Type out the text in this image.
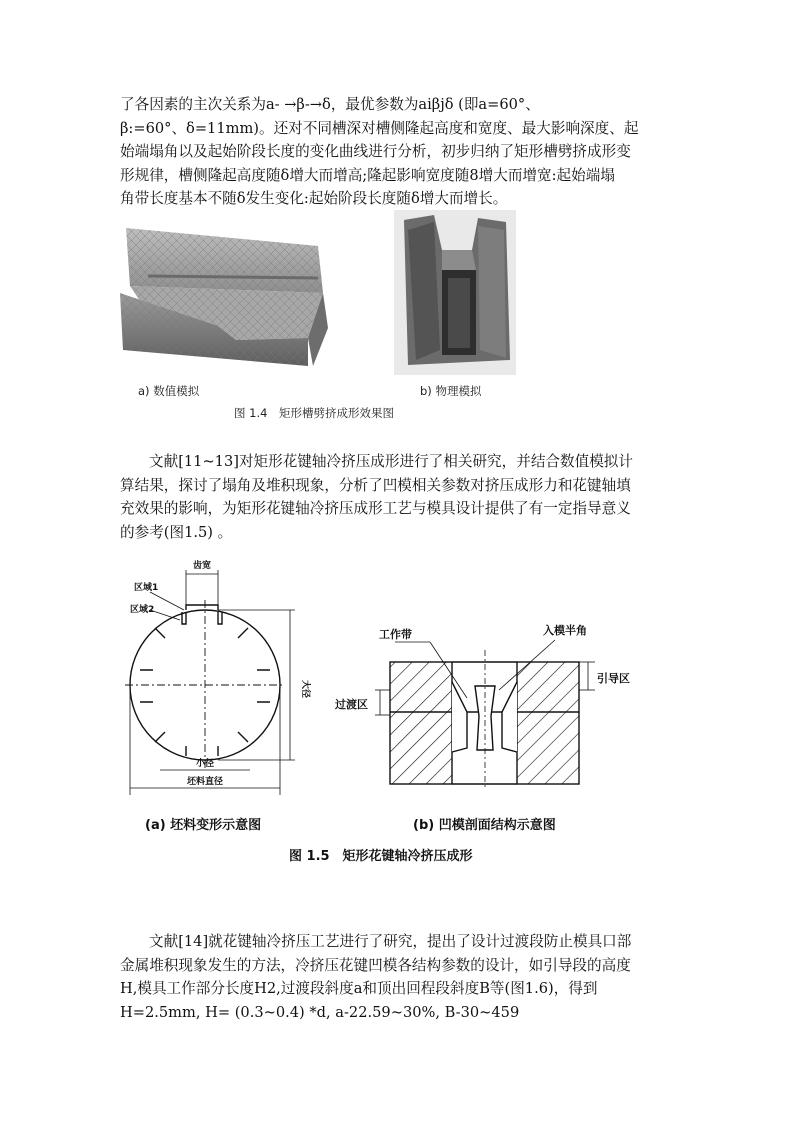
了各因素的主次关系为a- →β-→δ，最优参数为aiβjδ (即a=60°、
β:=60°、δ=11mm)。还对不同槽深对槽侧隆起高度和宽度、最大影响深度、起
始端塌角以及起始阶段长度的变化曲线进行分析，初步归纳了矩形槽劈挤成形变
形规律，槽侧隆起高度随δ增大而增高;隆起影响宽度随8增大而增宽:起始端塌
角带长度基本不随δ发生变化:起始阶段长度随δ增大而增长。
a) 数值模拟	b) 物理模拟
图 1.4　矩形槽劈挤成形效果图
文献[11~13]对矩形花键轴冷挤压成形进行了相关研究，并结合数值模拟计
算结果，探讨了塌角及堆积现象，分析了凹模相关参数对挤压成形力和花键轴填
充效果的影响，为矩形花键轴冷挤压成形工艺与模具设计提供了有一定指导意义
的参考(图1.5) 。
齿宽
区域1
区域2
大径
小径
坯料直径
工作带	入模半角
引导区
过渡区
(a) 坯料变形示意图	(b) 凹模剖面结构示意图
图 1.5　矩形花键轴冷挤压成形
文献[14]就花键轴冷挤压工艺进行了研究，提出了设计过渡段防止模具口部
金属堆积现象发生的方法，冷挤压花键凹模各结构参数的设计，如引导段的高度
H,模具工作部分长度H2,过渡段斜度a和顶出回程段斜度B等(图1.6)，得到
H=2.5mm, H= (0.3~0.4) *d, a-22.59~30%, B-30~459
